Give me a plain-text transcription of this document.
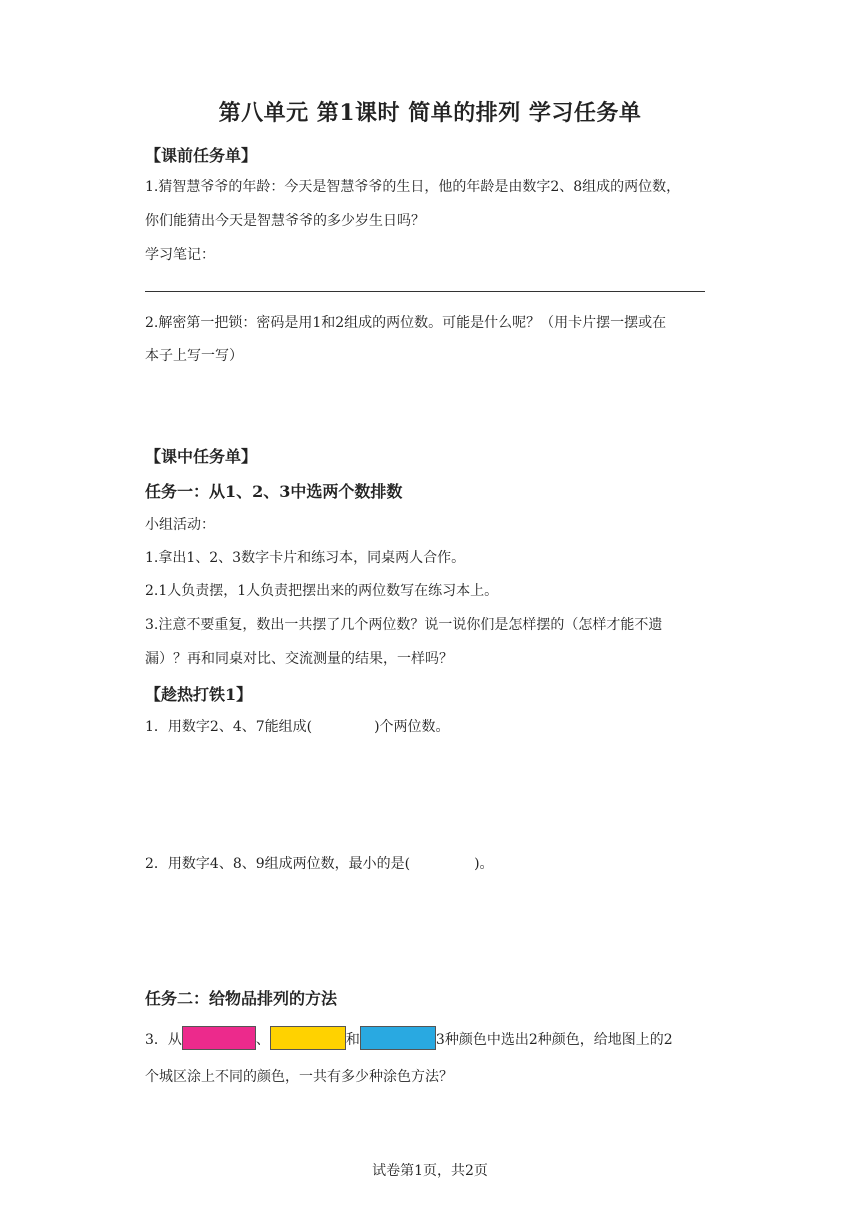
第八单元 第1课时 简单的排列 学习任务单
【课前任务单】
1.猜智慧爷爷的年龄：今天是智慧爷爷的生日，他的年龄是由数字2、8组成的两位数，
你们能猜出今天是智慧爷爷的多少岁生日吗？
学习笔记：
2.解密第一把锁：密码是用1和2组成的两位数。可能是什么呢？（用卡片摆一摆或在
本子上写一写）
【课中任务单】
任务一：从1、2、3中选两个数排数
小组活动：
1.拿出1、2、3数字卡片和练习本，同桌两人合作。
2.1人负责摆，1人负责把摆出来的两位数写在练习本上。
3.注意不要重复，数出一共摆了几个两位数？说一说你们是怎样摆的（怎样才能不遗
漏）？再和同桌对比、交流测量的结果，一样吗？
【趁热打铁1】
1．用数字2、4、7能组成(	)个两位数。
2．用数字4、8、9组成两位数，最小的是(	)。
任务二：给物品排列的方法
3．从	、	和	3种颜色中选出2种颜色，给地图上的2
个城区涂上不同的颜色，一共有多少种涂色方法？
试卷第1页，共2页
